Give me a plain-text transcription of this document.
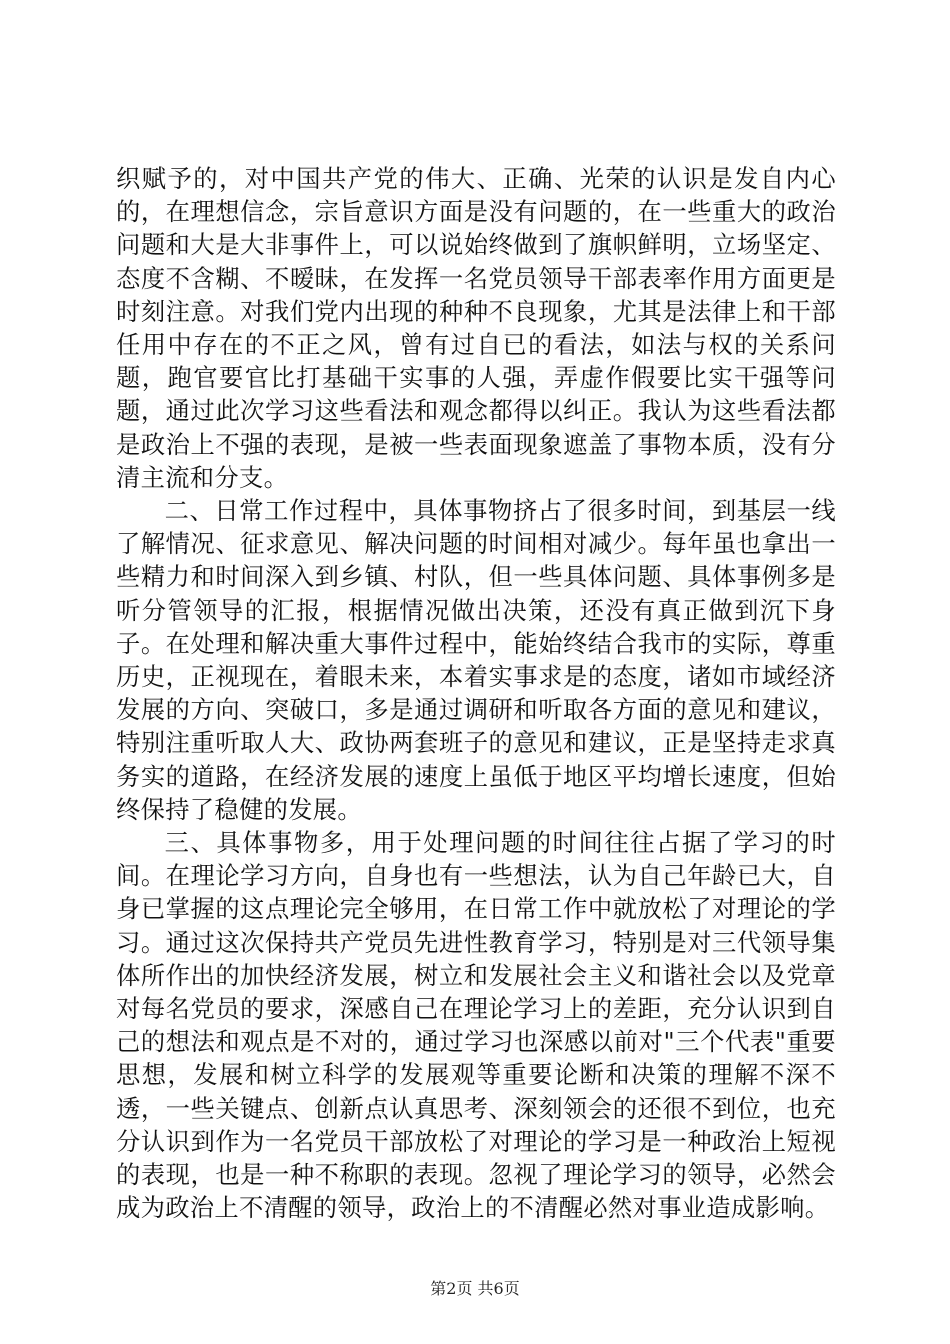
织赋予的，对中国共产党的伟大、正确、光荣的认识是发自内心的，在理想信念，宗旨意识方面是没有问题的，在一些重大的政治问题和大是大非事件上，可以说始终做到了旗帜鲜明，立场坚定、态度不含糊、不暧昧，在发挥一名党员领导干部表率作用方面更是时刻注意。对我们党内出现的种种不良现象，尤其是法律上和干部任用中存在的不正之风，曾有过自已的看法，如法与权的关系问题，跑官要官比打基础干实事的人强，弄虚作假要比实干强等问题，通过此次学习这些看法和观念都得以纠正。我认为这些看法都是政治上不强的表现，是被一些表面现象遮盖了事物本质，没有分清主流和分支。

二、日常工作过程中，具体事物挤占了很多时间，到基层一线了解情况、征求意见、解决问题的时间相对减少。每年虽也拿出一些精力和时间深入到乡镇、村队，但一些具体问题、具体事例多是听分管领导的汇报，根据情况做出决策，还没有真正做到沉下身子。在处理和解决重大事件过程中，能始终结合我市的实际，尊重历史，正视现在，着眼未来，本着实事求是的态度，诸如市域经济发展的方向、突破口，多是通过调研和听取各方面的意见和建议，特别注重听取人大、政协两套班子的意见和建议，正是坚持走求真务实的道路，在经济发展的速度上虽低于地区平均增长速度，但始终保持了稳健的发展。

三、具体事物多，用于处理问题的时间往往占据了学习的时间。在理论学习方向，自身也有一些想法，认为自己年龄已大，自身已掌握的这点理论完全够用，在日常工作中就放松了对理论的学习。通过这次保持共产党员先进性教育学习，特别是对三代领导集体所作出的加快经济发展，树立和发展社会主义和谐社会以及党章对每名党员的要求，深感自己在理论学习上的差距，充分认识到自己的想法和观点是不对的，通过学习也深感以前对"三个代表"重要思想，发展和树立科学的发展观等重要论断和决策的理解不深不透，一些关键点、创新点认真思考、深刻领会的还很不到位，也充分认识到作为一名党员干部放松了对理论的学习是一种政治上短视的表现，也是一种不称职的表现。忽视了理论学习的领导，必然会成为政治上不清醒的领导，政治上的不清醒必然对事业造成影响。

第2页 共6页
